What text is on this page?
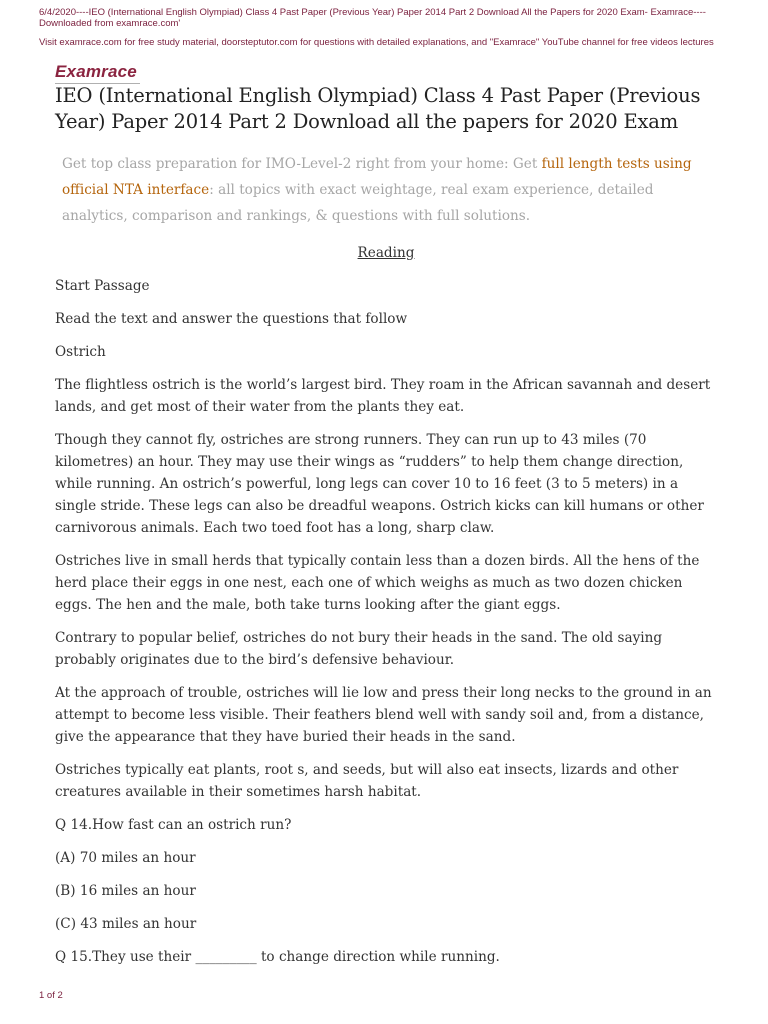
6/4/2020----IEO (International English Olympiad) Class 4 Past Paper (Previous Year) Paper 2014 Part 2 Download All the Papers for 2020 Exam- Examrace----Downloaded from examrace.com'
Visit examrace.com for free study material, doorsteptutor.com for questions with detailed explanations, and "Examrace" YouTube channel for free videos lectures
Examrace
IEO (International English Olympiad) Class 4 Past Paper (Previous Year) Paper 2014 Part 2 Download all the papers for 2020 Exam
Get top class preparation for IMO-Level-2 right from your home: Get full length tests using official NTA interface: all topics with exact weightage, real exam experience, detailed analytics, comparison and rankings, & questions with full solutions.
Reading

Start Passage

Read the text and answer the questions that follow

Ostrich

The flightless ostrich is the world’s largest bird. They roam in the African savannah and desert lands, and get most of their water from the plants they eat.

Though they cannot fly, ostriches are strong runners. They can run up to 43 miles (70 kilometres) an hour. They may use their wings as “rudders” to help them change direction, while running. An ostrich’s powerful, long legs can cover 10 to 16 feet (3 to 5 meters) in a single stride. These legs can also be dreadful weapons. Ostrich kicks can kill humans or other carnivorous animals. Each two toed foot has a long, sharp claw.

Ostriches live in small herds that typically contain less than a dozen birds. All the hens of the herd place their eggs in one nest, each one of which weighs as much as two dozen chicken eggs. The hen and the male, both take turns looking after the giant eggs.

Contrary to popular belief, ostriches do not bury their heads in the sand. The old saying probably originates due to the bird’s defensive behaviour.

At the approach of trouble, ostriches will lie low and press their long necks to the ground in an attempt to become less visible. Their feathers blend well with sandy soil and, from a distance, give the appearance that they have buried their heads in the sand.

Ostriches typically eat plants, root s, and seeds, but will also eat insects, lizards and other creatures available in their sometimes harsh habitat.

Q 14.How fast can an ostrich run?

(A) 70 miles an hour

(B) 16 miles an hour

(C) 43 miles an hour

Q 15.They use their _________ to change direction while running.

1 of 2
